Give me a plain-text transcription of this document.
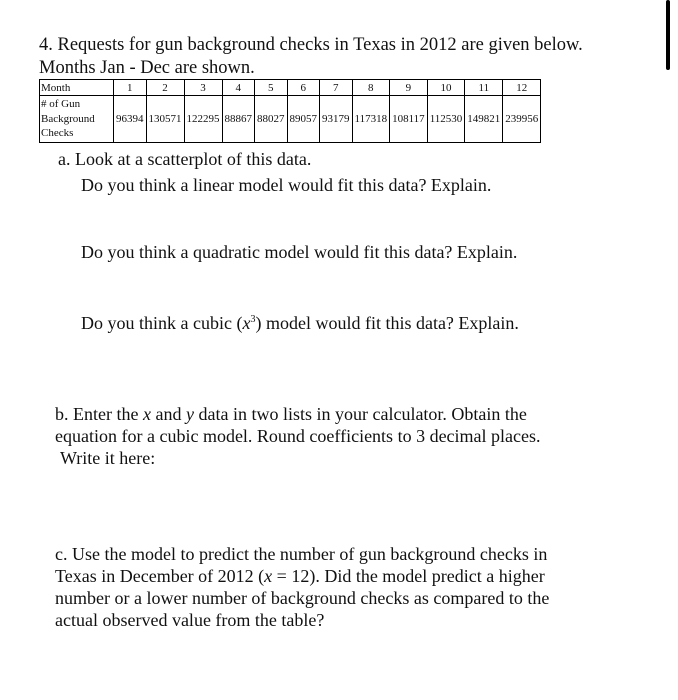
4. Requests for gun background checks in Texas in 2012 are given below.
Months Jan - Dec are shown.
Month	1	2	3	4	5	6	7	8	9	10	11	12

# of Gun
Background
Checks	96394	130571	122295	88867	88027	89057	93179	117318	108117	112530	149821	239956
a. Look at a scatterplot of this data.
Do you think a linear model would fit this data? Explain.
Do you think a quadratic model would fit this data? Explain.
Do you think a cubic $(x^3)$ model would fit this data? Explain.
b. Enter the x and y data in two lists in your calculator. Obtain the
equation for a cubic model. Round coefficients to 3 decimal places.
Write it here:
c. Use the model to predict the number of gun background checks in
Texas in December of 2012 (x = 12). Did the model predict a higher
number or a lower number of background checks as compared to the
actual observed value from the table?
